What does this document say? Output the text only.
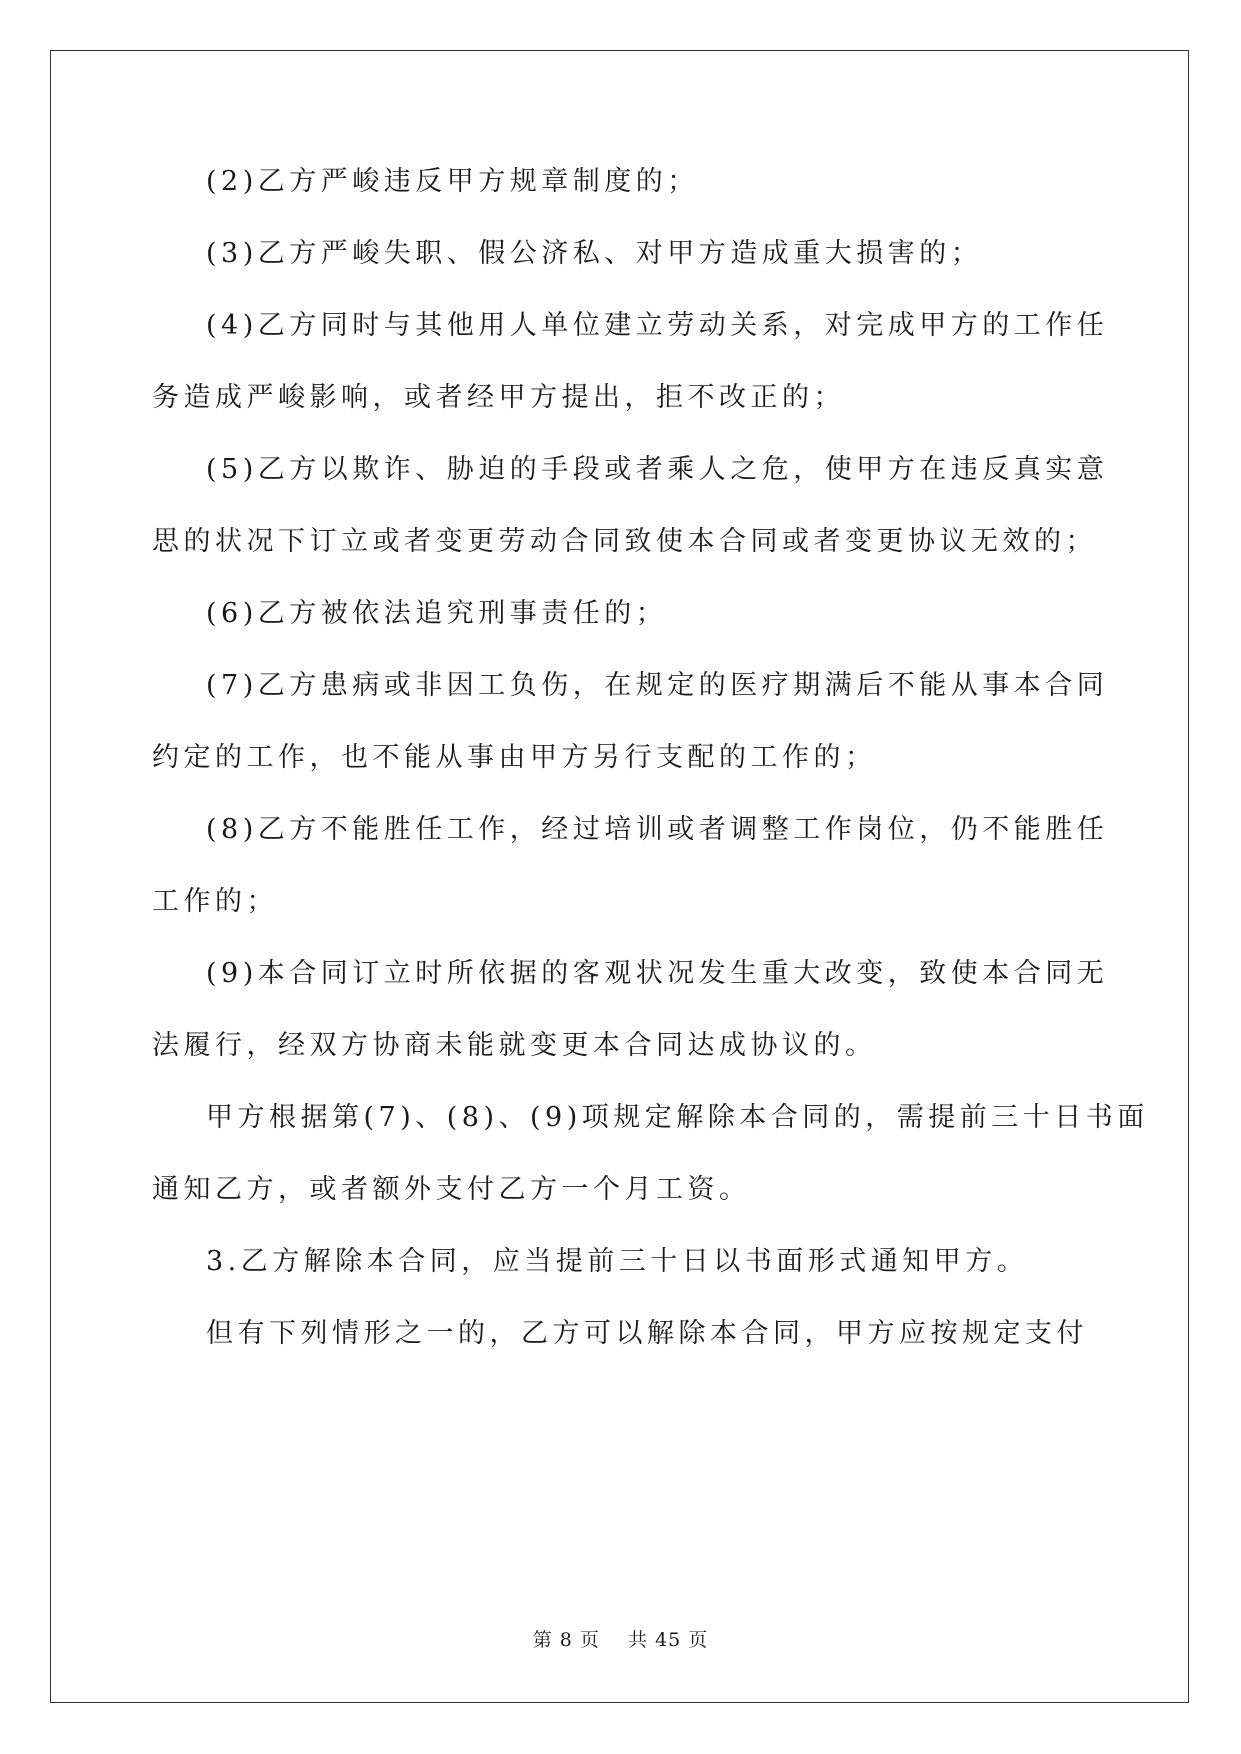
(2)乙方严峻违反甲方规章制度的；
(3)乙方严峻失职、假公济私、对甲方造成重大损害的；
(4)乙方同时与其他用人单位建立劳动关系，对完成甲方的工作任
务造成严峻影响，或者经甲方提出，拒不改正的；
(5)乙方以欺诈、胁迫的手段或者乘人之危，使甲方在违反真实意
思的状况下订立或者变更劳动合同致使本合同或者变更协议无效的；
(6)乙方被依法追究刑事责任的；
(7)乙方患病或非因工负伤，在规定的医疗期满后不能从事本合同
约定的工作，也不能从事由甲方另行支配的工作的；
(8)乙方不能胜任工作，经过培训或者调整工作岗位，仍不能胜任
工作的；
(9)本合同订立时所依据的客观状况发生重大改变，致使本合同无
法履行，经双方协商未能就变更本合同达成协议的。
甲方根据第(7)、(8)、(9)项规定解除本合同的，需提前三十日书面
通知乙方，或者额外支付乙方一个月工资。
3.乙方解除本合同，应当提前三十日以书面形式通知甲方。
但有下列情形之一的，乙方可以解除本合同，甲方应按规定支付
第 8 页 共 45 页
